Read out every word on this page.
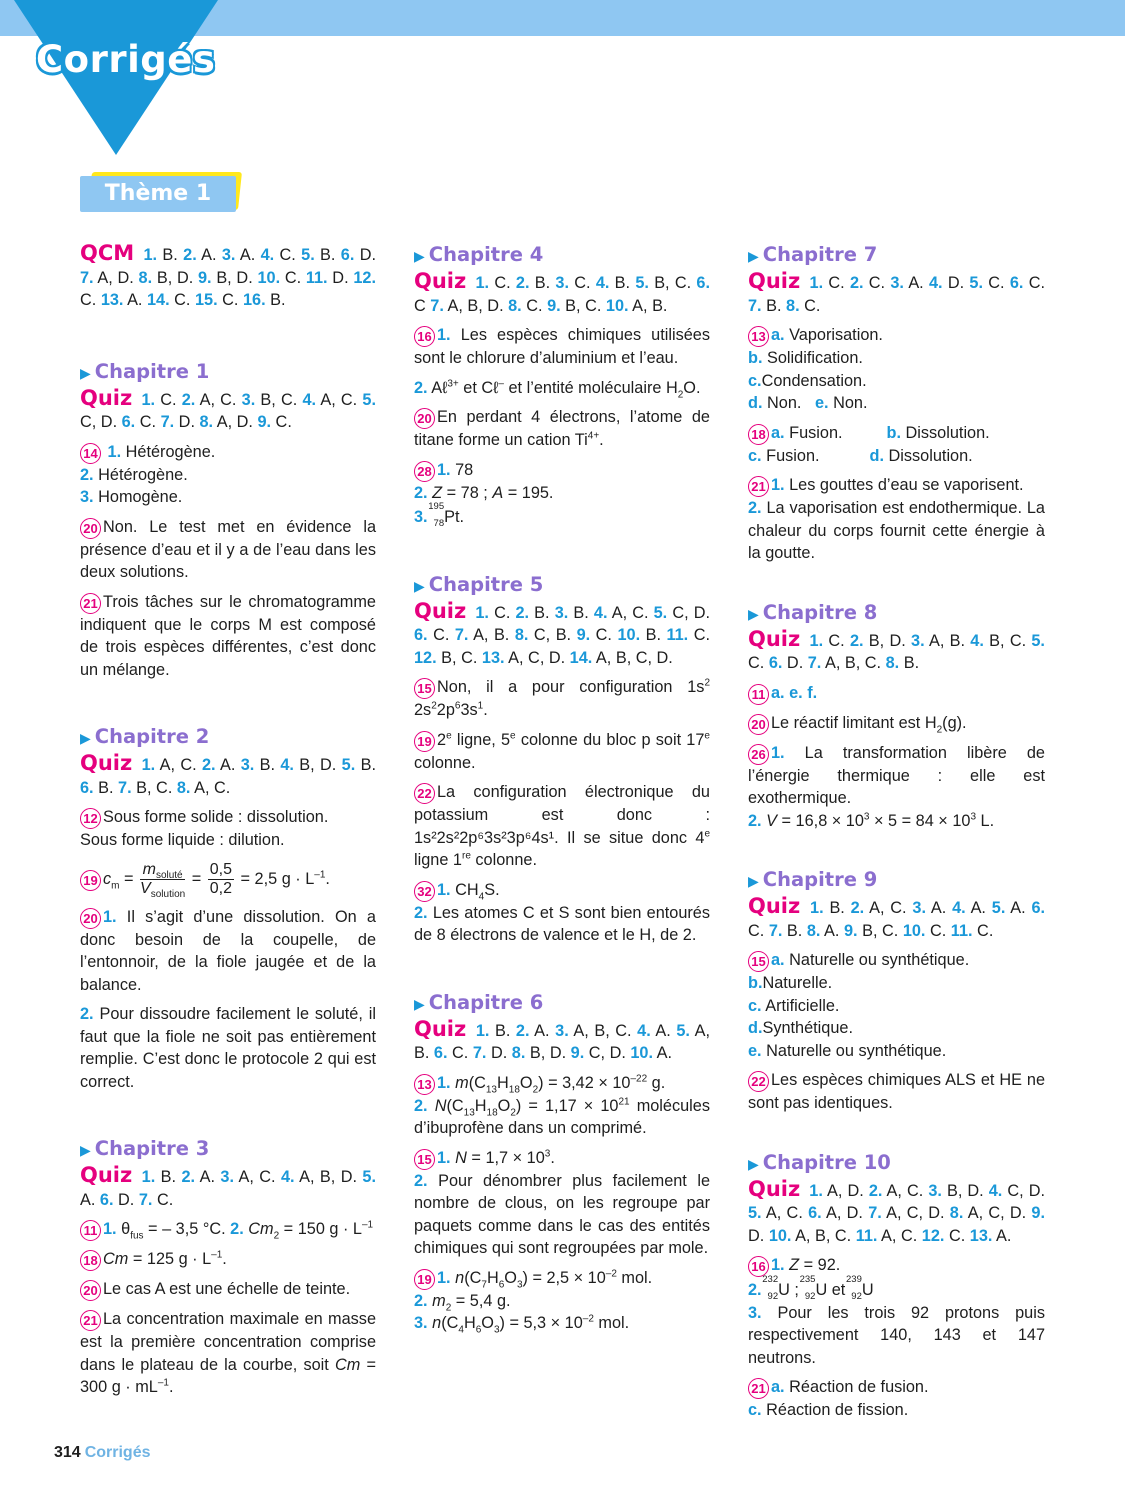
Corrigés
Thème 1

QCM 1. B. 2. A. 3. A. 4. C. 5. B. 6. D. 7. A, D. 8. B, D. 9. B, D. 10. C. 11. D. 12. C. 13. A. 14. C. 15. C. 16. B.

▶ Chapitre 1

Quiz 1. C. 2. A, C. 3. B, C. 4. A, C. 5. C, D. 6. C. 7. D. 8. A, D. 9. C.

14 1. Hétérogène.

2. Hétérogène.

3. Homogène.

20 Non. Le test met en évidence la présence d’eau et il y a de l’eau dans les deux solutions.

21 Trois tâches sur le chromatogramme indiquent que le corps M est composé de trois espèces différentes, c’est donc un mélange.

▶ Chapitre 2

Quiz 1. A, C. 2. A. 3. B. 4. B, D. 5. B. 6. B. 7. B, C. 8. A, C.

12 Sous forme solide : dissolution.

Sous forme liquide : dilution.

19 $c_m = \frac{m_{soluté}}{V_{solution}} = \frac{0,5}{0,2} = 2,5$ $g \cdot L^{-1}$.

20 1. Il s’agit d’une dissolution. On a donc besoin de la coupelle, de l’entonnoir, de la fiole jaugée et de la balance.

2. Pour dissoudre facilement le soluté, il faut que la fiole ne soit pas entièrement remplie. C’est donc le protocole 2 qui est correct.

▶ Chapitre 3

Quiz 1. B. 2. A. 3. A, C. 4. A, B, D. 5. A. 6. D. 7. C.

11 1. $\theta_{fus}$ = – 3,5 °C. 2. $Cm_2 = 150$ $g \cdot L^{-1}$

18 Cm = 125 $g \cdot L^{-1}$.

20 Le cas A est une échelle de teinte.

21 La concentration maximale en masse est la première concentration comprise dans le plateau de la courbe, soit Cm = 300 $g \cdot mL^{-1}$.

▶ Chapitre 4

Quiz 1. C. 2. B. 3. C. 4. B. 5. B, C. 6. C 7. A, B, D. 8. C. 9. B, C. 10. A, B.

16 1. Les espèces chimiques utilisées sont le chlorure d’aluminium et l’eau.

2. Aℓ$^{3+}$ et Cℓ– et l’entité moléculaire $H_2O$.

20 En perdant 4 électrons, l’atome de titane forme un cation $Ti^{4+}$.

28 1. 78

2. Z = 78 ; A = 195.

3.
195
78 Pt.

▶ Chapitre 5

Quiz 1. C. 2. B. 3. B. 4. A, C. 5. C, D. 6. C. 7. A, B. 8. C, B. 9. C. 10. B. 11. C. 12. B, C. 13. A, C, D. 14. A, B, C, D.

15 Non, il a pour configuration $1s^2$ $2s^22p^63s^1$.

19 2e ligne, 5e colonne du bloc p soit 17e colonne.

22 La configuration électronique du potassium est donc : 1s²2s²2p⁶3s²3p⁶4s¹. Il se situe donc 4e ligne 1re colonne.

32 1. $CH_4S$.

2. Les atomes C et S sont bien entourés de 8 électrons de valence et le H, de 2.

▶ Chapitre 6

Quiz 1. B. 2. A. 3. A, B, C. 4. A. 5. A, B. 6. C. 7. D. 8. B, D. 9. C, D. 10. A.

13 1. $m(C_{13}H_{18}O_2) = 3,42 \times 10^{-22}$ g.

2. $N(C_{13}H_{18}O_2) = 1,17 \times 10^{21}$ molécules d’ibuprofène dans un comprimé.

15 1. $N = 1,7 \times 10^3$.

2. Pour dénombrer plus facilement le nombre de clous, on les regroupe par paquets comme dans le cas des entités chimiques qui sont regroupées par mole.

19 1. $n(C_7H_6O_3) = 2,5 \times 10^{-2}$ mol.

2. $m_2 = 5,4$ g.

3. $n(C_4H_6O_3) = 5,3 \times 10^{-2}$ mol.

▶ Chapitre 7

Quiz 1. C. 2. C. 3. A. 4. D. 5. C. 6. C. 7. B. 8. C.

13 a. Vaporisation.

b. Solidification.

c.Condensation.

d. Non. e. Non.

18 a. Fusion.	b. Dissolution.

c. Fusion.	d. Dissolution.

21 1. Les gouttes d’eau se vaporisent.

2. La vaporisation est endothermique. La chaleur du corps fournit cette énergie à la goutte.

▶ Chapitre 8

Quiz 1. C. 2. B, D. 3. A, B. 4. B, C. 5. C. 6. D. 7. A, B, C. 8. B.

11 a. e. f.

20 Le réactif limitant est $H_2(g)$.

26 1. La transformation libère de l’énergie thermique : elle est exothermique.

2. $V = 16,8 \times 10^3 \times 5 = 84 \times 10^3$ L.

▶ Chapitre 9

Quiz 1. B. 2. A, C. 3. A. 4. A. 5. A. 6. C. 7. B. 8. A. 9. B, C. 10. C. 11. C.

15 a. Naturelle ou synthétique.

b.Naturelle.

c. Artificielle.

d.Synthétique.

e. Naturelle ou synthétique.

22 Les espèces chimiques ALS et HE ne sont pas identiques.

▶ Chapitre 10

Quiz 1. A, D. 2. A, C. 3. B, D. 4. C, D. 5. A, C. 6. A, D. 7. A, C, D. 8. A, C, D. 9. D. 10. A, B, C. 11. A, C. 12. C. 13. A.

16 1. Z = 92.

2.
232
92 U ;
235
92 U et
239
92 U

3. Pour les trois 92 protons puis respectivement 140, 143 et 147 neutrons.

21 a. Réaction de fusion.

c. Réaction de fission.

314 Corrigés
